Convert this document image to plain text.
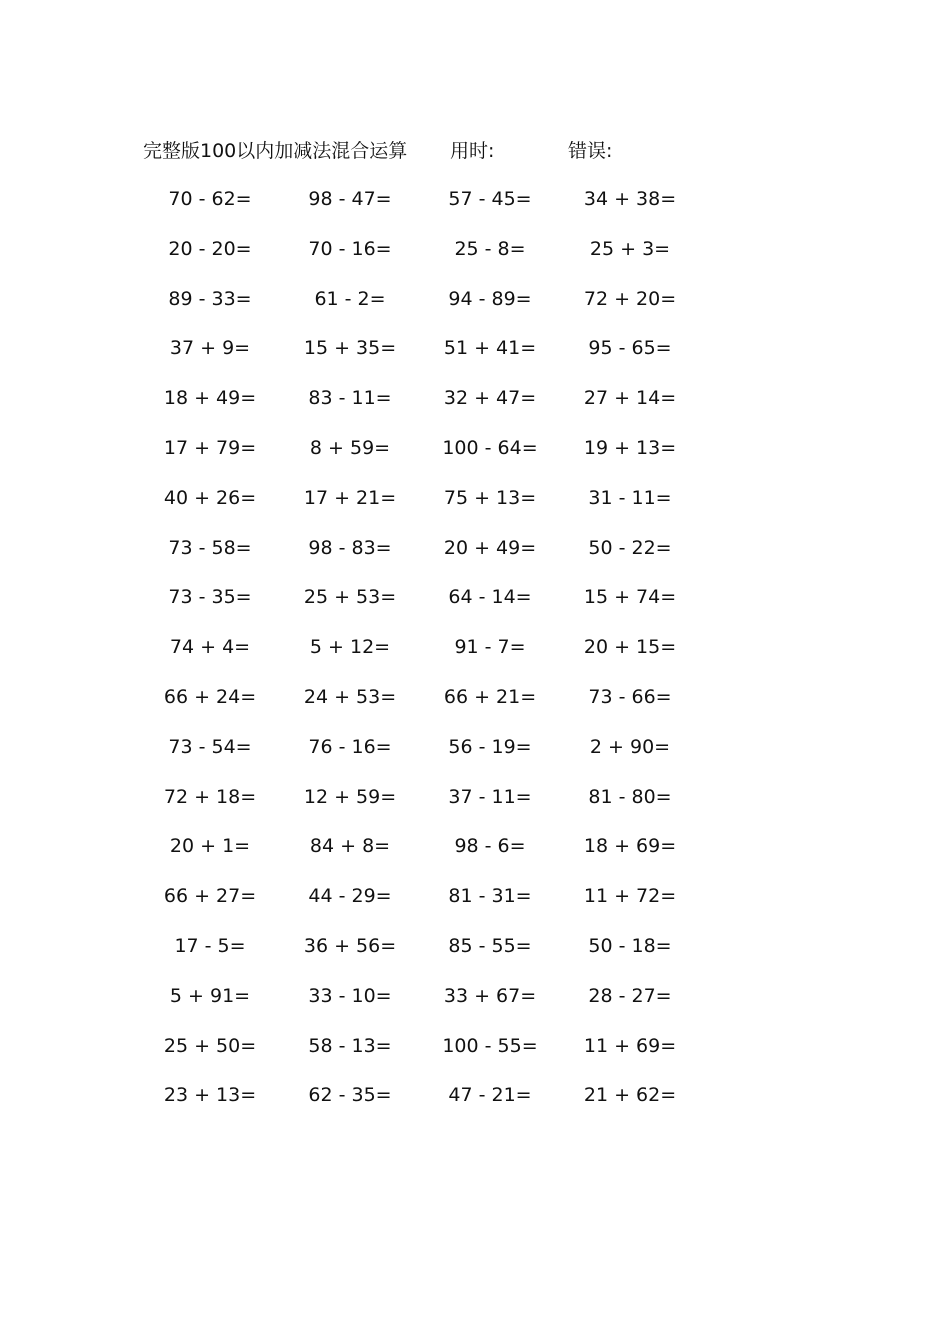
完整版100以内加减法混合运算 用时:	错误:
70 - 62=	98 - 47=	57 - 45=	34 + 38=
20 - 20=	70 - 16=	25 - 8=	25 + 3=
89 - 33=	61 - 2=	94 - 89=	72 + 20=
37 + 9=	15 + 35=	51 + 41=	95 - 65=
18 + 49=	83 - 11=	32 + 47=	27 + 14=
17 + 79=	8 + 59=	100 - 64=	19 + 13=
40 + 26=	17 + 21=	75 + 13=	31 - 11=
73 - 58=	98 - 83=	20 + 49=	50 - 22=
73 - 35=	25 + 53=	64 - 14=	15 + 74=
74 + 4=	5 + 12=	91 - 7=	20 + 15=
66 + 24=	24 + 53=	66 + 21=	73 - 66=
73 - 54=	76 - 16=	56 - 19=	2 + 90=
72 + 18=	12 + 59=	37 - 11=	81 - 80=
20 + 1=	84 + 8=	98 - 6=	18 + 69=
66 + 27=	44 - 29=	81 - 31=	11 + 72=
17 - 5=	36 + 56=	85 - 55=	50 - 18=
5 + 91=	33 - 10=	33 + 67=	28 - 27=
25 + 50=	58 - 13=	100 - 55=	11 + 69=
23 + 13=	62 - 35=	47 - 21=	21 + 62=
